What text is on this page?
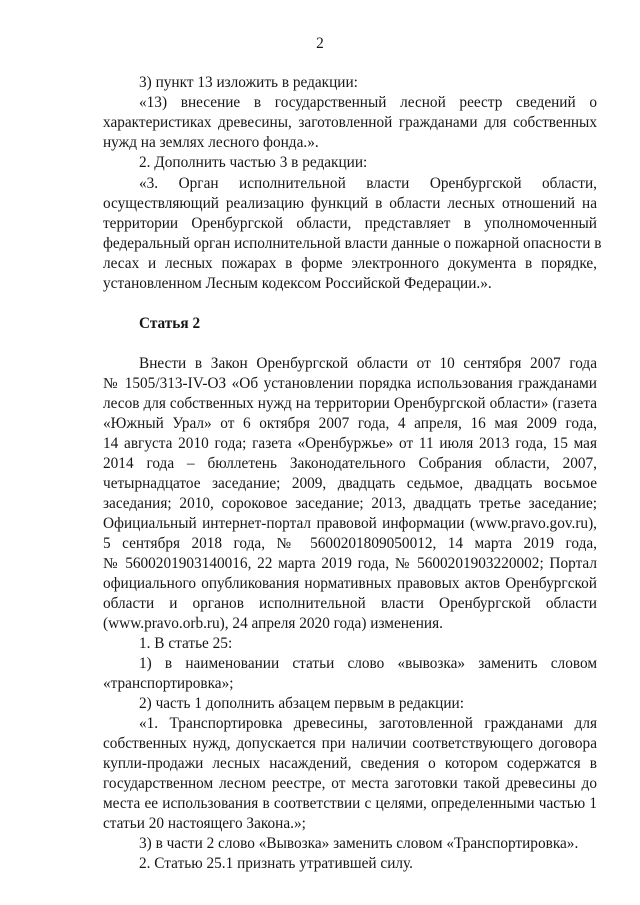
2
3) пункт 13 изложить в редакции:
«13) внесение в государственный лесной реестр сведений о
характеристиках древесины, заготовленной гражданами для собственных
нужд на землях лесного фонда.».
2. Дополнить частью 3 в редакции:
«3. Орган исполнительной власти Оренбургской области,
осуществляющий реализацию функций в области лесных отношений на
территории Оренбургской области, представляет в уполномоченный
федеральный орган исполнительной власти данные о пожарной опасности в
лесах и лесных пожарах в форме электронного документа в порядке,
установленном Лесным кодексом Российской Федерации.».
Статья 2
Внести в Закон Оренбургской области от 10 сентября 2007 года
№ 1505/313-IV-ОЗ «Об установлении порядка использования гражданами
лесов для собственных нужд на территории Оренбургской области» (газета
«Южный Урал» от 6 октября 2007 года, 4 апреля, 16 мая 2009 года,
14 августа 2010 года; газета «Оренбуржье» от 11 июля 2013 года, 15 мая
2014 года – бюллетень Законодательного Собрания области, 2007,
четырнадцатое заседание; 2009, двадцать седьмое, двадцать восьмое
заседания; 2010, сороковое заседание; 2013, двадцать третье заседание;
Официальный интернет-портал правовой информации (www.pravo.gov.ru),
5 сентября 2018 года, № 5600201809050012, 14 марта 2019 года,
№ 5600201903140016, 22 марта 2019 года, № 5600201903220002; Портал
официального опубликования нормативных правовых актов Оренбургской
области и органов исполнительной власти Оренбургской области
(www.pravo.orb.ru), 24 апреля 2020 года) изменения.
1. В статье 25:
1) в наименовании статьи слово «вывозка» заменить словом
«транспортировка»;
2) часть 1 дополнить абзацем первым в редакции:
«1. Транспортировка древесины, заготовленной гражданами для
собственных нужд, допускается при наличии соответствующего договора
купли-продажи лесных насаждений, сведения о котором содержатся в
государственном лесном реестре, от места заготовки такой древесины до
места ее использования в соответствии с целями, определенными частью 1
статьи 20 настоящего Закона.»;
3) в части 2 слово «Вывозка» заменить словом «Транспортировка».
2. Статью 25.1 признать утратившей силу.
